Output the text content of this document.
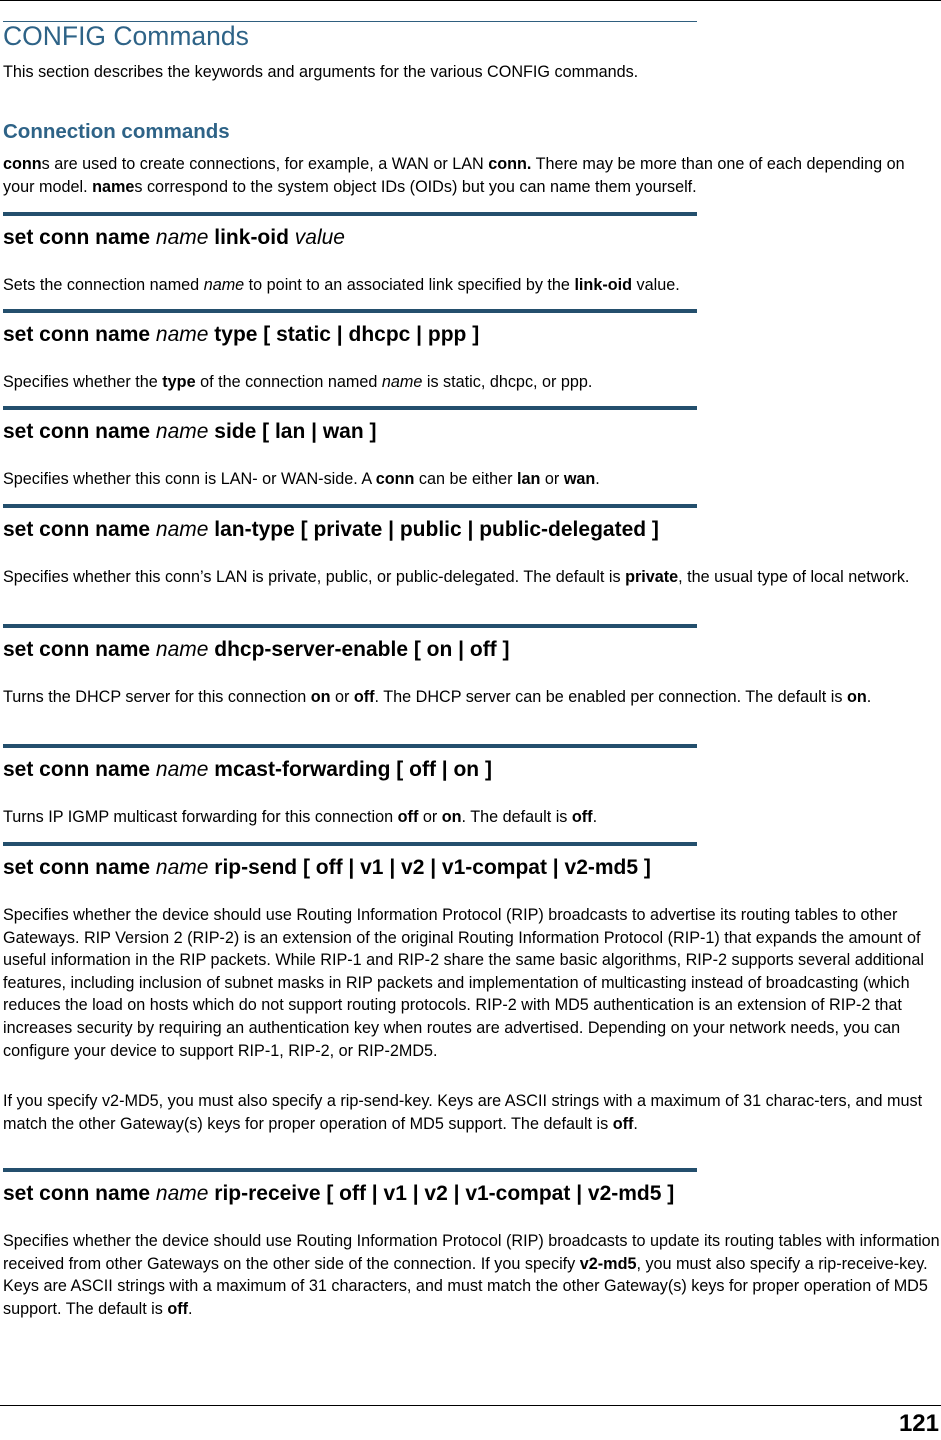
CONFIG Commands
This section describes the keywords and arguments for the various CONFIG commands.
Connection commands
conns are used to create connections, for example, a WAN or LAN conn. There may be more than one of each depending on your model. names correspond to the system object IDs (OIDs) but you can name them yourself.
set conn name name link-oid value
Sets the connection named name to point to an associated link specified by the link-oid value.
set conn name name type [ static | dhcpc | ppp ]
Specifies whether the type of the connection named name is static, dhcpc, or ppp.
set conn name name side [ lan | wan ]
Specifies whether this conn is LAN- or WAN-side. A conn can be either lan or wan.
set conn name name lan-type [ private | public | public-delegated ]
Specifies whether this conn’s LAN is private, public, or public-delegated. The default is private, the usual type of local network.
set conn name name dhcp-server-enable [ on | off ]
Turns the DHCP server for this connection on or off. The DHCP server can be enabled per connection. The default is on.
set conn name name mcast-forwarding [ off | on ]
Turns IP IGMP multicast forwarding for this connection off or on. The default is off.
set conn name name rip-send [ off | v1 | v2 | v1-compat | v2-md5 ]
Specifies whether the device should use Routing Information Protocol (RIP) broadcasts to advertise its routing tables to other Gateways. RIP Version 2 (RIP-2) is an extension of the original Routing Information Protocol (RIP-1) that expands the amount of useful information in the RIP packets. While RIP-1 and RIP-2 share the same basic algorithms, RIP-2 supports several additional features, including inclusion of subnet masks in RIP packets and implementation of multicasting instead of broadcasting (which reduces the load on hosts which do not support routing protocols. RIP-2 with MD5 authentication is an extension of RIP-2 that increases security by requiring an authentication key when routes are advertised. Depending on your network needs, you can configure your device to support RIP-1, RIP-2, or RIP-2MD5.
If you specify v2-MD5, you must also specify a rip-send-key. Keys are ASCII strings with a maximum of 31 charac-ters, and must match the other Gateway(s) keys for proper operation of MD5 support. The default is off.
set conn name name rip-receive [ off | v1 | v2 | v1-compat | v2-md5 ]
Specifies whether the device should use Routing Information Protocol (RIP) broadcasts to update its routing tables with information received from other Gateways on the other side of the connection. If you specify v2-md5, you must also specify a rip-receive-key. Keys are ASCII strings with a maximum of 31 characters, and must match the other Gateway(s) keys for proper operation of MD5 support. The default is off.
121
